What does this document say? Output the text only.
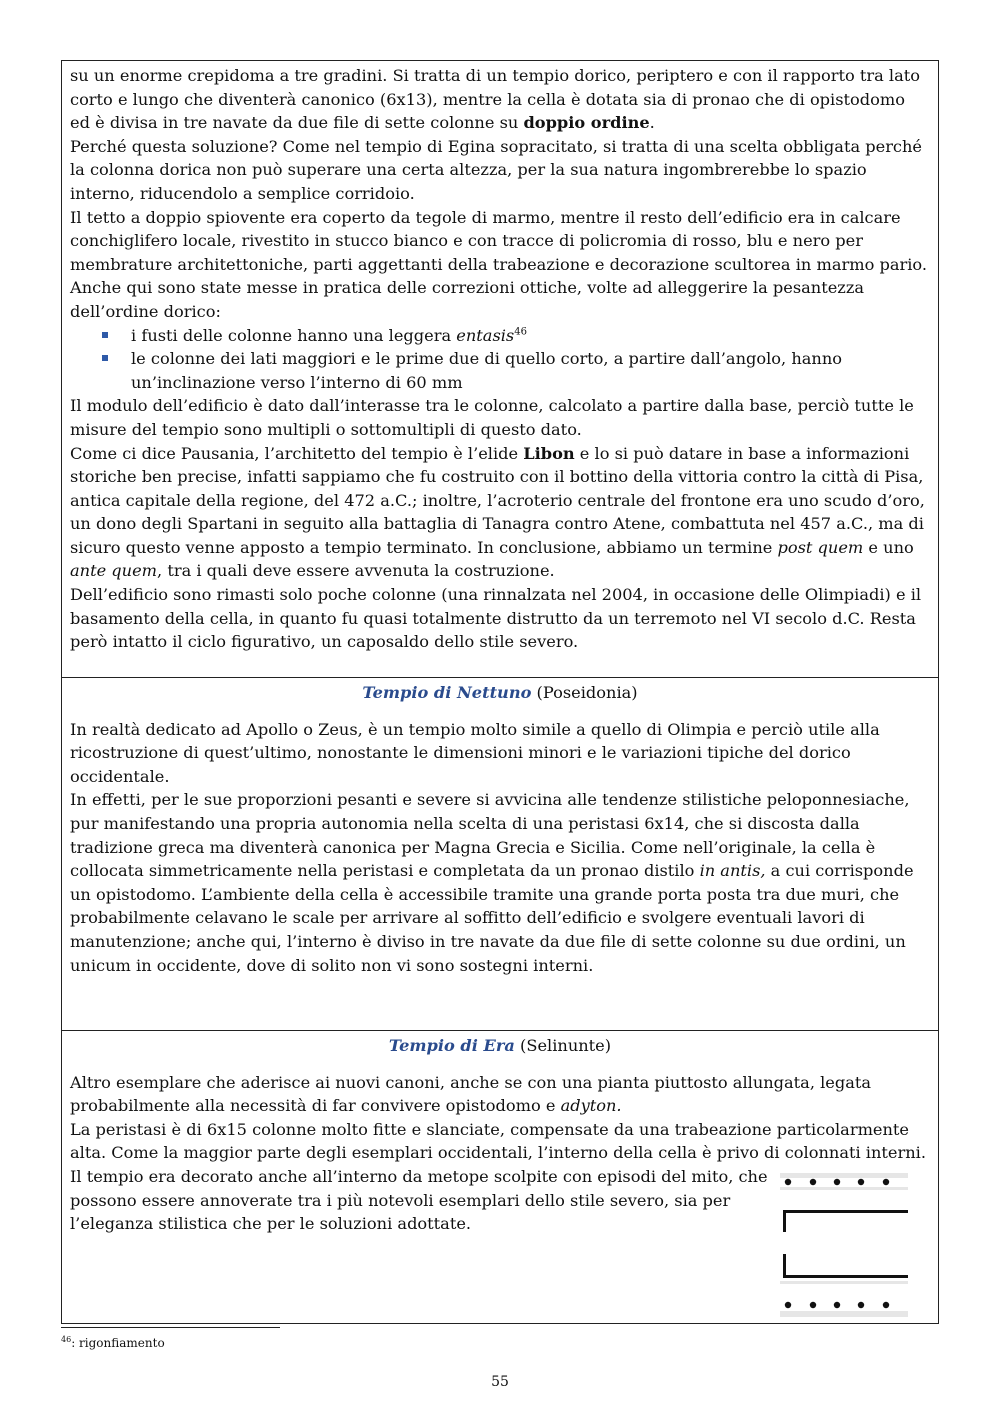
su un enorme crepidoma a tre gradini. Si tratta di un tempio dorico, periptero e con il rapporto tra lato corto e lungo che diventerà canonico (6x13), mentre la cella è dotata sia di pronao che di opistodomo ed è divisa in tre navate da due file di sette colonne su doppio ordine.

Perché questa soluzione? Come nel tempio di Egina sopracitato, si tratta di una scelta obbligata perché la colonna dorica non può superare una certa altezza, per la sua natura ingombrerebbe lo spazio interno, riducendolo a semplice corridoio.

Il tetto a doppio spiovente era coperto da tegole di marmo, mentre il resto dell’edificio era in calcare conchiglifero locale, rivestito in stucco bianco e con tracce di policromia di rosso, blu e nero per membrature architettoniche, parti aggettanti della trabeazione e decorazione scultorea in marmo pario. Anche qui sono state messe in pratica delle correzioni ottiche, volte ad alleggerire la pesantezza dell’ordine dorico:

i fusti delle colonne hanno una leggera entasis$^{46}$
le colonne dei lati maggiori e le prime due di quello corto, a partire dall’angolo, hanno un’inclinazione verso l’interno di 60 mm

Il modulo dell’edificio è dato dall’interasse tra le colonne, calcolato a partire dalla base, perciò tutte le misure del tempio sono multipli o sottomultipli di questo dato.

Come ci dice Pausania, l’architetto del tempio è l’elide Libon e lo si può datare in base a informazioni storiche ben precise, infatti sappiamo che fu costruito con il bottino della vittoria contro la città di Pisa, antica capitale della regione, del 472 a.C.; inoltre, l’acroterio centrale del frontone era uno scudo d’oro, un dono degli Spartani in seguito alla battaglia di Tanagra contro Atene, combattuta nel 457 a.C., ma di sicuro questo venne apposto a tempio terminato. In conclusione, abbiamo un termine post quem e uno ante quem, tra i quali deve essere avvenuta la costruzione.

Dell’edificio sono rimasti solo poche colonne (una rinnalzata nel 2004, in occasione delle Olimpiadi) e il basamento della cella, in quanto fu quasi totalmente distrutto da un terremoto nel VI secolo d.C. Resta però intatto il ciclo figurativo, un caposaldo dello stile severo.

Tempio di Nettuno (Poseidonia)

In realtà dedicato ad Apollo o Zeus, è un tempio molto simile a quello di Olimpia e perciò utile alla ricostruzione di quest’ultimo, nonostante le dimensioni minori e le variazioni tipiche del dorico occidentale.

In effetti, per le sue proporzioni pesanti e severe si avvicina alle tendenze stilistiche peloponnesiache, pur manifestando una propria autonomia nella scelta di una peristasi 6x14, che si discosta dalla tradizione greca ma diventerà canonica per Magna Grecia e Sicilia. Come nell’originale, la cella è collocata simmetricamente nella peristasi e completata da un pronao distilo in antis, a cui corrisponde un opistodomo. L’ambiente della cella è accessibile tramite una grande porta posta tra due muri, che probabilmente celavano le scale per arrivare al soffitto dell’edificio e svolgere eventuali lavori di manutenzione; anche qui, l’interno è diviso in tre navate da due file di sette colonne su due ordini, un unicum in occidente, dove di solito non vi sono sostegni interni.

Tempio di Era (Selinunte)

Altro esemplare che aderisce ai nuovi canoni, anche se con una pianta piuttosto allungata, legata probabilmente alla necessità di far convivere opistodomo e adyton.

La peristasi è di 6x15 colonne molto fitte e slanciate, compensate da una trabeazione particolarmente alta. Come la maggior parte degli esemplari occidentali, l’interno della cella è privo di colonnati interni.

Il tempio era decorato anche all’interno da metope scolpite con episodi del mito, che possono essere annoverate tra i più notevoli esemplari dello stile severo, sia per l’eleganza stilistica che per le soluzioni adottate.

$^{46}$: rigonfiamento
55
